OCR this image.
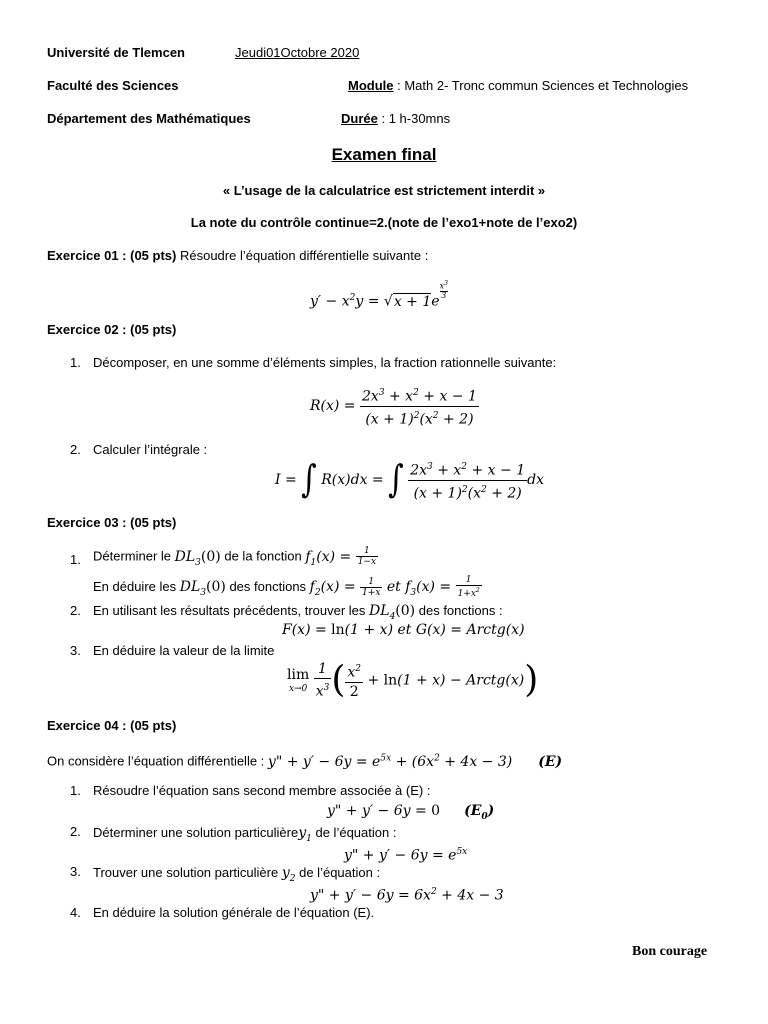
Université de Tlemcen	Jeudi01Octobre 2020
Faculté des Sciences	Module : Math 2- Tronc commun Sciences et Technologies
Département des Mathématiques	Durée : 1 h-30mns
Examen final
« L’usage de la calculatrice est strictement interdit »
La note du contrôle continue=2.(note de l’exo1+note de l’exo2)
Exercice 01 : (05 pts) Résoudre l’équation différentielle suivante :
$y' - x^2y = √x + 1e$
$\frac{x^3}{3}$
Exercice 02 : (05 pts)
1. Décomposer, en une somme d’éléments simples, la fraction rationnelle suivante:
$R(x) = \frac{2x^3 + x^2 + x - 1}{(x + 1)^2(x^2 + 2)}$
2. Calculer l’intégrale :
I = ∫ R(x)dx = ∫ $\frac{2x^3 + x^2 + x - 1}{(x + 1)^2(x^2 + 2)}$ dx
Exercice 03 : (05 pts)
1. Déterminer le $DL_3(0)$ de la fonction $f_1(x) = \frac{1}{1-x}$
En déduire les $DL_3(0)$ des fonctions $f_2(x) = \frac{1}{1+x}$ et $f_3(x) = \frac{1}{1+x^2}$
2. En utilisant les résultats précédents, trouver les $DL_4(0)$ des fonctions :
F(x) = ln(1 + x) et G(x) = Arctg(x)
3. En déduire la valeur de la limite
lim
x→0
$\frac{1}{x^3}$ ( $\frac{x^2}{2} + \ln(1 + x)$ − Arctg(x))
Exercice 04 : (05 pts)
On considère l’équation différentielle : y" + $y' - 6y = e^{5x} + (6x^2 + 4x - 3)$ (E)
1. Résoudre l’équation sans second membre associée à (E) :
y" + y′ − 6y = 0 $(E_0)$
2. Déterminer une solution particulièrey$_1$ de l’équation :
y" + $y' - 6y = e^{5x}$
3. Trouver une solution particulière $y_2$ de l’équation :
y" + $y' - 6y = 6x^2 + 4x - 3$
4. En déduire la solution générale de l’équation (E).
Bon courage
